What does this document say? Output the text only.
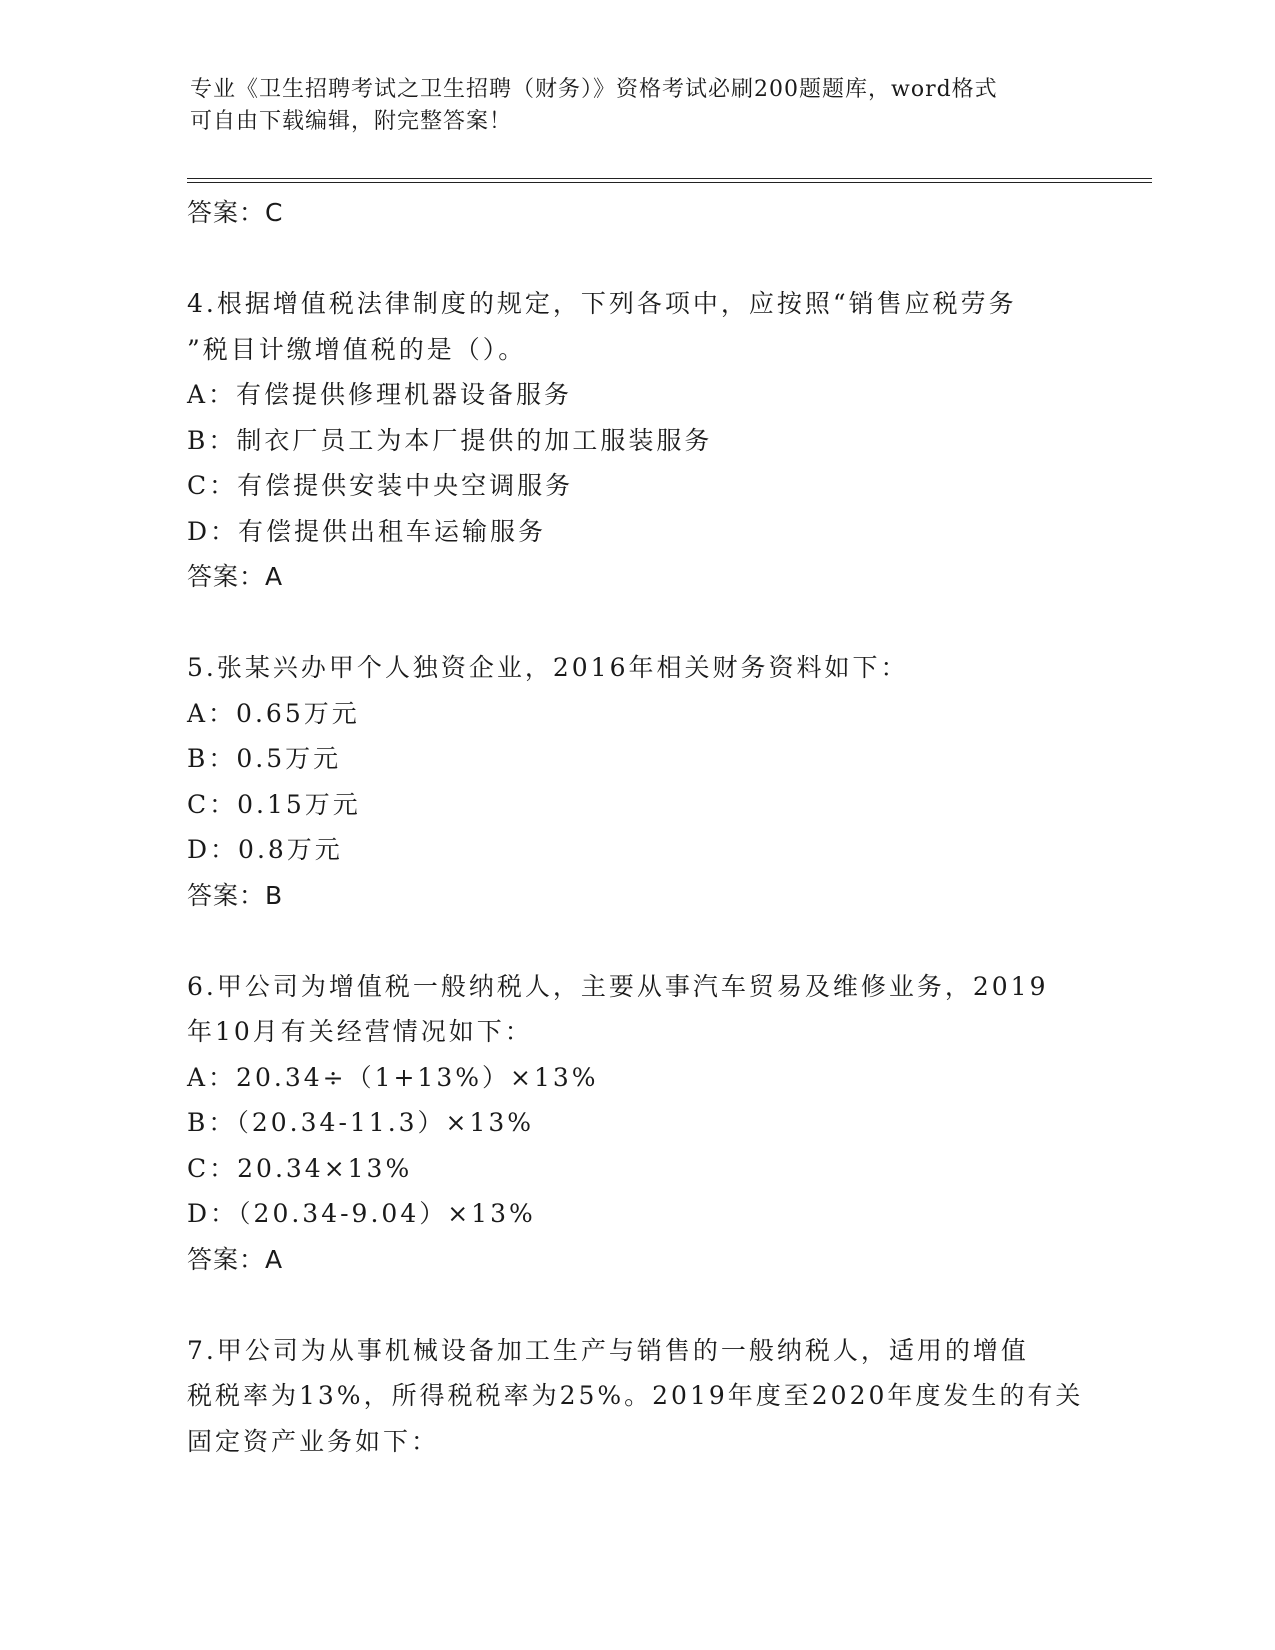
专业《卫生招聘考试之卫生招聘（财务）》资格考试必刷200题题库，word格式
可自由下载编辑，附完整答案！
答案：C
4.根据增值税法律制度的规定，下列各项中，应按照“销售应税劳务
”税目计缴增值税的是（）。
A：有偿提供修理机器设备服务
B：制衣厂员工为本厂提供的加工服装服务
C：有偿提供安装中央空调服务
D：有偿提供出租车运输服务
答案：A
5.张某兴办甲个人独资企业，2016年相关财务资料如下：
A：0.65万元
B：0.5万元
C：0.15万元
D：0.8万元
答案：B
6.甲公司为增值税一般纳税人，主要从事汽车贸易及维修业务，2019
年10月有关经营情况如下：
A：20.34÷（1+13%）×13%
B：（20.34-11.3）×13%
C：20.34×13%
D：（20.34-9.04）×13%
答案：A
7.甲公司为从事机械设备加工生产与销售的一般纳税人，适用的增值
税税率为13%，所得税税率为25%。2019年度至2020年度发生的有关
固定资产业务如下：
